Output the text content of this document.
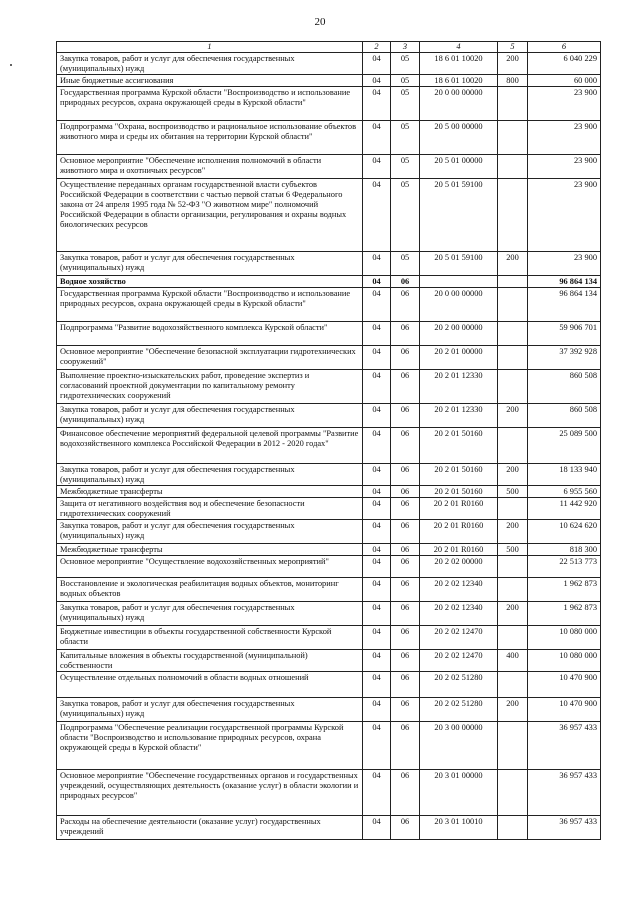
20
1	2	3	4	5	6
Закупка товаров, работ и услуг для обеспечения государственных (муниципальных) нужд	04	05	18 6 01 10020	200	6 040 229
Иные бюджетные ассигнования	04	05	18 6 01 10020	800	60 000
Государственная программа Курской области "Воспроизводство и использование природных ресурсов, охрана окружающей среды в Курской области"	04	05	20 0 00 00000		23 900
Подпрограмма "Охрана, воспроизводство и рациональное использование объектов животного мира и среды их обитания на территории Курской области"	04	05	20 5 00 00000		23 900
Основное мероприятие "Обеспечение исполнения полномочий в области животного мира и охотничьих ресурсов"	04	05	20 5 01 00000		23 900
Осуществление переданных органам государственной власти субъектов Российской Федерации в соответствии с частью первой статьи 6 Федерального закона от 24 апреля 1995 года № 52-ФЗ "О животном мире" полномочий Российской Федерации в области организации, регулирования и охраны водных биологических ресурсов	04	05	20 5 01 59100		23 900
Закупка товаров, работ и услуг для обеспечения государственных (муниципальных) нужд	04	05	20 5 01 59100	200	23 900
Водное хозяйство	04	06			96 864 134
Государственная программа Курской области "Воспроизводство и использование природных ресурсов, охрана окружающей среды в Курской области"	04	06	20 0 00 00000		96 864 134
Подпрограмма "Развитие водохозяйственного комплекса Курской области"	04	06	20 2 00 00000		59 906 701
Основное мероприятие "Обеспечение безопасной эксплуатации гидротехнических сооружений"	04	06	20 2 01 00000		37 392 928
Выполнение проектно-изыскательских работ, проведение экспертиз и согласований проектной документации по капитальному ремонту гидротехнических сооружений	04	06	20 2 01 12330		860 508
Закупка товаров, работ и услуг для обеспечения государственных (муниципальных) нужд	04	06	20 2 01 12330	200	860 508
Финансовое обеспечение мероприятий федеральной целевой программы "Развитие водохозяйственного комплекса Российской Федерации в 2012 - 2020 годах"	04	06	20 2 01 50160		25 089 500
Закупка товаров, работ и услуг для обеспечения государственных (муниципальных) нужд	04	06	20 2 01 50160	200	18 133 940
Межбюджетные трансферты	04	06	20 2 01 50160	500	6 955 560
Защита от негативного воздействия вод и обеспечение безопасности гидротехнических сооружений	04	06	20 2 01 R0160		11 442 920
Закупка товаров, работ и услуг для обеспечения государственных (муниципальных) нужд	04	06	20 2 01 R0160	200	10 624 620
Межбюджетные трансферты	04	06	20 2 01 R0160	500	818 300
Основное мероприятие "Осуществление водохозяйственных мероприятий"	04	06	20 2 02 00000		22 513 773
Восстановление и экологическая реабилитация водных объектов, мониторинг водных объектов	04	06	20 2 02 12340		1 962 873
Закупка товаров, работ и услуг для обеспечения государственных (муниципальных) нужд	04	06	20 2 02 12340	200	1 962 873
Бюджетные инвестиции в объекты государственной собственности Курской области	04	06	20 2 02 12470		10 080 000
Капитальные вложения в объекты государственной (муниципальной) собственности	04	06	20 2 02 12470	400	10 080 000
Осуществление отдельных полномочий в области водных отношений	04	06	20 2 02 51280		10 470 900
Закупка товаров, работ и услуг для обеспечения государственных (муниципальных) нужд	04	06	20 2 02 51280	200	10 470 900
Подпрограмма "Обеспечение реализации государственной программы Курской области "Воспроизводство и использование природных ресурсов, охрана окружающей среды в Курской области"	04	06	20 3 00 00000		36 957 433
Основное мероприятие "Обеспечение государственных органов и государственных учреждений, осуществляющих деятельность (оказание услуг) в области экологии и природных ресурсов"	04	06	20 3 01 00000		36 957 433
Расходы на обеспечение деятельности (оказание услуг) государственных учреждений	04	06	20 3 01 10010		36 957 433
